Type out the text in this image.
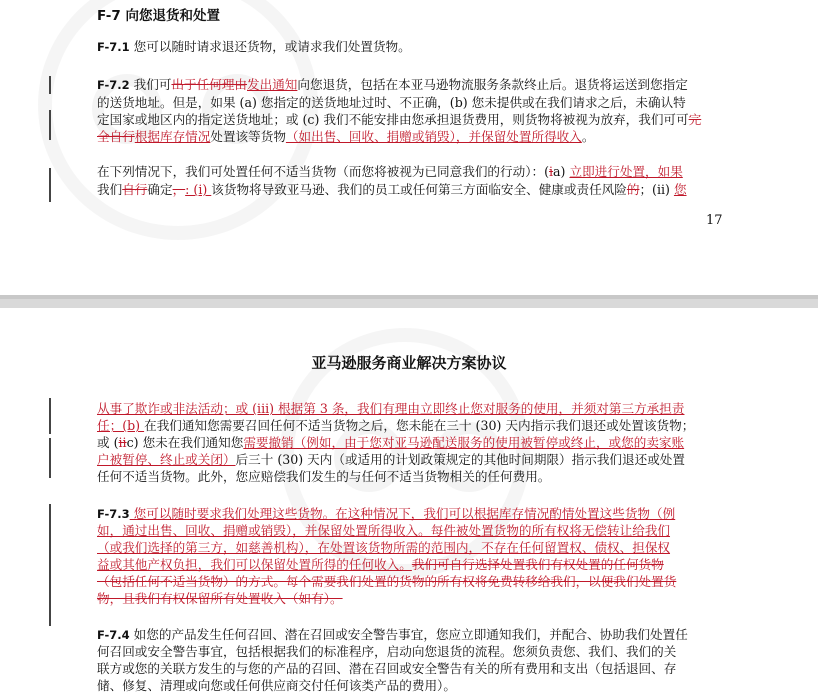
F-7 向您退货和处置
F-7.1 您可以随时请求退还货物，或请求我们处置货物。
F-7.2 我们可出于任何理由发出通知向您退货，包括在本亚马逊物流服务条款终止后。退货将运送到您指定
的送货地址。但是，如果 (a) 您指定的送货地址过时、不正确，(b) 您未提供或在我们请求之后，未确认特
定国家或地区内的指定送货地址；或 (c) 我们不能安排由您承担退货费用，则货物将被视为放弃，我们可可完
全自行根据库存情况处置该等货物（如出售、回收、捐赠或销毁），并保留处置所得收入。
在下列情况下，我们可处置任何不适当货物（而您将被视为已同意我们的行动）：(ia) 立即进行处置，如果
我们自行确定，: (i) 该货物将导致亚马逊、我们的员工或任何第三方面临安全、健康或责任风险的；(ii) 您
17
亚马逊服务商业解决方案协议
从事了欺诈或非法活动；或 (iii) 根据第 3 条，我们有理由立即终止您对服务的使用，并须对第三方承担责
任；(b) 在我们通知您需要召回任何不适当货物之后，您未能在三十 (30) 天内指示我们退还或处置该货物；
或 (iic) 您未在我们通知您需要撤销（例如，由于您对亚马逊配送服务的使用被暂停或终止，或您的卖家账
户被暂停、终止或关闭）后三十 (30) 天内（或适用的计划政策规定的其他时间期限）指示我们退还或处置
任何不适当货物。此外，您应赔偿我们发生的与任何不适当货物相关的任何费用。
F-7.3 您可以随时要求我们处理这些货物。在这种情况下，我们可以根据库存情况酌情处置这些货物（例
如，通过出售、回收、捐赠或销毁），并保留处置所得收入。每件被处置货物的所有权将无偿转让给我们
（或我们选择的第三方，如慈善机构），在处置该货物所需的范围内，不存在任何留置权、债权、担保权
益或其他产权负担，我们可以保留处置所得的任何收入。我们可自行选择处置我们有权处置的任何货物
（包括任何不适当货物）的方式。每个需要我们处置的货物的所有权将免费转移给我们，以便我们处置货
物，且我们有权保留所有处置收入（如有）。
F-7.4 如您的产品发生任何召回、潜在召回或安全警告事宜，您应立即通知我们，并配合、协助我们处置任
何召回或安全警告事宜，包括根据我们的标准程序，启动向您退货的流程。您须负责您、我们、我们的关
联方或您的关联方发生的与您的产品的召回、潜在召回或安全警告有关的所有费用和支出（包括退回、存
储、修复、清理或向您或任何供应商交付任何该类产品的费用）。
